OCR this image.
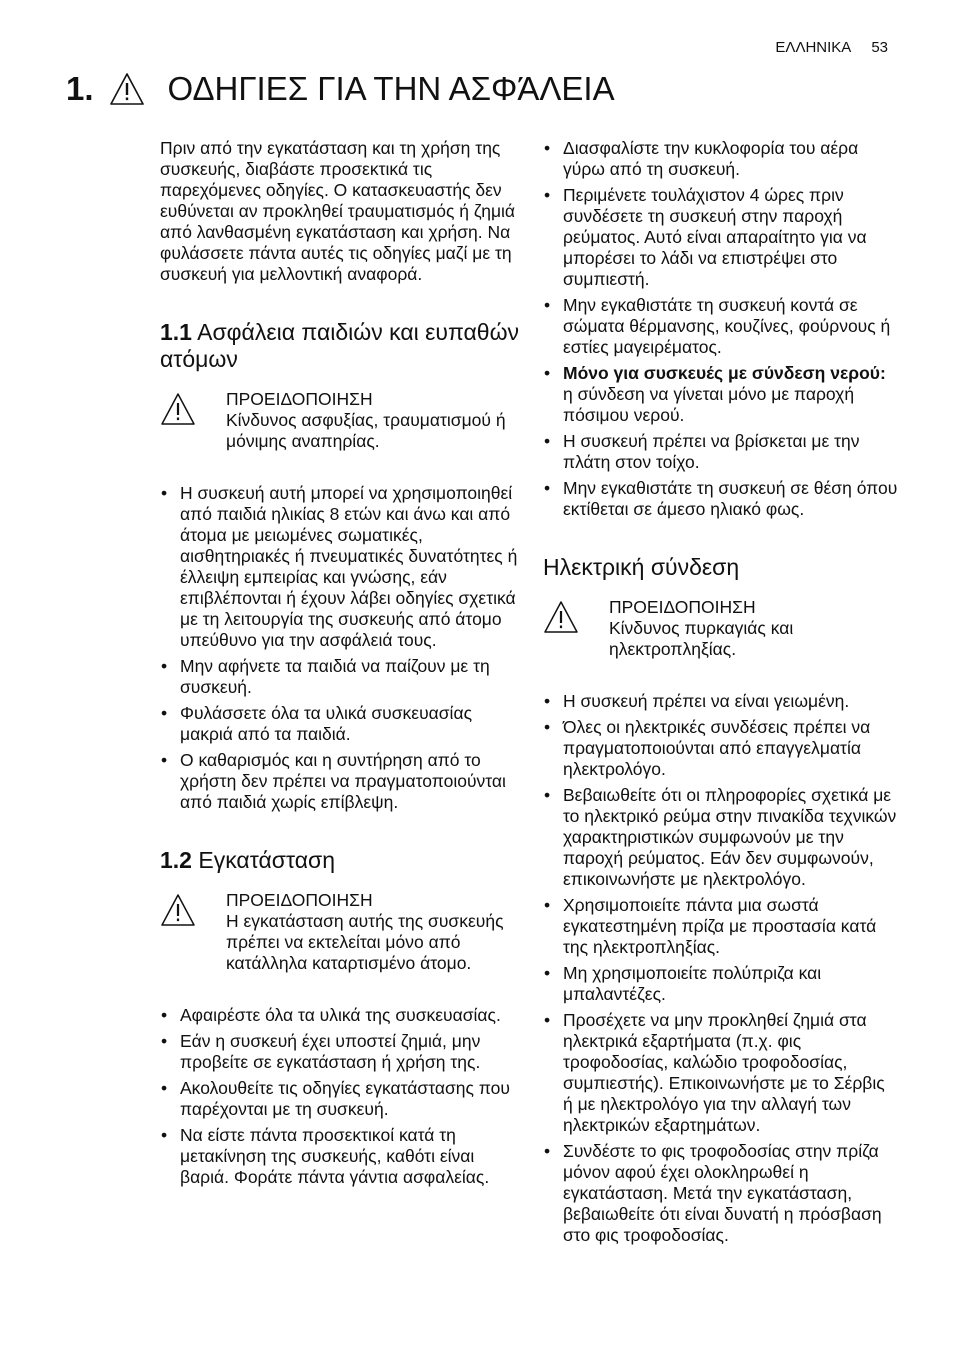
ΕΛΛΗΝΙΚΑ 53
1. ΟΔΗΓΙΕΣ ΓΙΑ ΤΗΝ ΑΣΦΆΛΕΙΑ

Πριν από την εγκατάσταση και τη χρήση της συσκευής, διαβάστε προσεκτικά τις παρεχόμενες οδηγίες. Ο κατασκευαστής δεν ευθύνεται αν προκληθεί τραυματισμός ή ζημιά από λανθασμένη εγκατάσταση και χρήση. Να φυλάσσετε πάντα αυτές τις οδηγίες μαζί με τη συσκευή για μελλοντική αναφορά.

1.1 Ασφάλεια παιδιών και ευπαθών ατόμων
ΠΡΟΕΙΔΟΠΟΙΗΣΗ
Κίνδυνος ασφυξίας, τραυματισμού ή μόνιμης αναπηρίας.
• Η συσκευή αυτή μπορεί να χρησιμοποιηθεί από παιδιά ηλικίας 8 ετών και άνω και από άτομα με μειωμένες σωματικές, αισθητηριακές ή πνευματικές δυνατότητες ή έλλειψη εμπειρίας και γνώσης, εάν επιβλέπονται ή έχουν λάβει οδηγίες σχετικά με τη λειτουργία της συσκευής από άτομο υπεύθυνο για την ασφάλειά τους.
• Μην αφήνετε τα παιδιά να παίζουν με τη συσκευή.
• Φυλάσσετε όλα τα υλικά συσκευασίας μακριά από τα παιδιά.
• Ο καθαρισμός και η συντήρηση από το χρήστη δεν πρέπει να πραγματοποιούνται από παιδιά χωρίς επίβλεψη.
1.2 Εγκατάσταση
ΠΡΟΕΙΔΟΠΟΙΗΣΗ
Η εγκατάσταση αυτής της συσκευής πρέπει να εκτελείται μόνο από κατάλληλα καταρτισμένο άτομο.
• Αφαιρέστε όλα τα υλικά της συσκευασίας.
• Εάν η συσκευή έχει υποστεί ζημιά, μην προβείτε σε εγκατάσταση ή χρήση της.
• Ακολουθείτε τις οδηγίες εγκατάστασης που παρέχονται με τη συσκευή.
• Να είστε πάντα προσεκτικοί κατά τη μετακίνηση της συσκευής, καθότι είναι βαριά. Φοράτε πάντα γάντια ασφαλείας.
• Διασφαλίστε την κυκλοφορία του αέρα γύρω από τη συσκευή.
• Περιμένετε τουλάχιστον 4 ώρες πριν συνδέσετε τη συσκευή στην παροχή ρεύματος. Αυτό είναι απαραίτητο για να μπορέσει το λάδι να επιστρέψει στο συμπιεστή.
• Μην εγκαθιστάτε τη συσκευή κοντά σε σώματα θέρμανσης, κουζίνες, φούρνους ή εστίες μαγειρέματος.
• Μόνο για συσκευές με σύνδεση νερού: η σύνδεση να γίνεται μόνο με παροχή πόσιμου νερού.
• Η συσκευή πρέπει να βρίσκεται με την πλάτη στον τοίχο.
• Μην εγκαθιστάτε τη συσκευή σε θέση όπου εκτίθεται σε άμεσο ηλιακό φως.
Ηλεκτρική σύνδεση
ΠΡΟΕΙΔΟΠΟΙΗΣΗ
Κίνδυνος πυρκαγιάς και ηλεκτροπληξίας.
• Η συσκευή πρέπει να είναι γειωμένη.
• Όλες οι ηλεκτρικές συνδέσεις πρέπει να πραγματοποιούνται από επαγγελματία ηλεκτρολόγο.
• Βεβαιωθείτε ότι οι πληροφορίες σχετικά με το ηλεκτρικό ρεύμα στην πινακίδα τεχνικών χαρακτηριστικών συμφωνούν με την παροχή ρεύματος. Εάν δεν συμφωνούν, επικοινωνήστε με ηλεκτρολόγο.
• Χρησιμοποιείτε πάντα μια σωστά εγκατεστημένη πρίζα με προστασία κατά της ηλεκτροπληξίας.
• Μη χρησιμοποιείτε πολύπριζα και μπαλαντέζες.
• Προσέχετε να μην προκληθεί ζημιά στα ηλεκτρικά εξαρτήματα (π.χ. φις τροφοδοσίας, καλώδιο τροφοδοσίας, συμπιεστής). Επικοινωνήστε με το Σέρβις ή με ηλεκτρολόγο για την αλλαγή των ηλεκτρικών εξαρτημάτων.
• Συνδέστε το φις τροφοδοσίας στην πρίζα μόνον αφού έχει ολοκληρωθεί η εγκατάσταση. Μετά την εγκατάσταση, βεβαιωθείτε ότι είναι δυνατή η πρόσβαση στο φις τροφοδοσίας.
